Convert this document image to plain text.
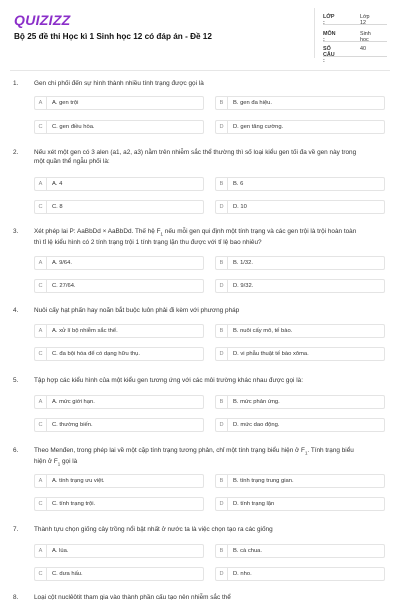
QUIZIZZ
Bộ 25 đề thi Học kì 1 Sinh học 12 có đáp án - Đề 12
LỚP :
Lớp 12
MÔN :
Sinh học
SỐ CÂU :
40
1. Gen chi phối đến sự hình thành nhiều tính trạng được gọi là
A	A. gen trội	B	B. gen đa hiệu.
C	C. gen điều hòa.	D	D. gen tăng cường.
2. Nếu xét một gen có 3 alen (a1, a2, a3) nằm trên nhiễm sắc thể thường thì số loại kiểu gen tối đa về gen này trong
một quần thể ngẫu phối là:
A	A. 4	B	B. 6
C	C. 8	D	D. 10
3. Xét phép lai P: AaBbDd × AaBbDd. Thế hệ $F_1$ nếu mỗi gen qui định một tính trạng và các gen trội là trội hoàn toàn
thì tỉ lệ kiểu hình có 2 tính trạng trội 1 tính trạng lặn thu được với tỉ lệ bao nhiêu?
A	A. 9/64.	B	B. 1/32.
C	C. 27/64.	D	D. 9/32.
4. Nuôi cấy hạt phấn hay noãn bắt buộc luôn phải đi kèm với phương pháp
A	A. xử lí bộ nhiễm sắc thể.	B	B. nuôi cấy mô, tế bào.
C	C. đa bội hóa để có dạng hữu thụ.	D	D. vi phẫu thuật tế bào xôma.
5. Tập hợp các kiểu hình của một kiểu gen tương ứng với các môi trường khác nhau được gọi là:
A	A. mức giới hạn.	B	B. mức phản ứng.
C	C. thường biến.	D	D. mức dao động.
6. Theo Menđen, trong phép lai về một cặp tính trạng tương phản, chỉ một tính trạng biểu hiện ở $F_1$. Tính trạng biểu
hiện ở $F_1$ gọi là
A	A. tính trạng ưu việt.	B	B. tính trạng trung gian.
C	C. tính trạng trội.	D	D. tính trạng lặn
7. Thành tựu chọn giống cây trồng nổi bật nhất ở nước ta là việc chọn tạo ra các giống
A	A. lúa.	B	B. cà chua.
C	C. dưa hấu.	D	D. nho.
8. Loại cột nuclêôtit tham gia vào thành phần cấu tạo nên nhiễm sắc thể
